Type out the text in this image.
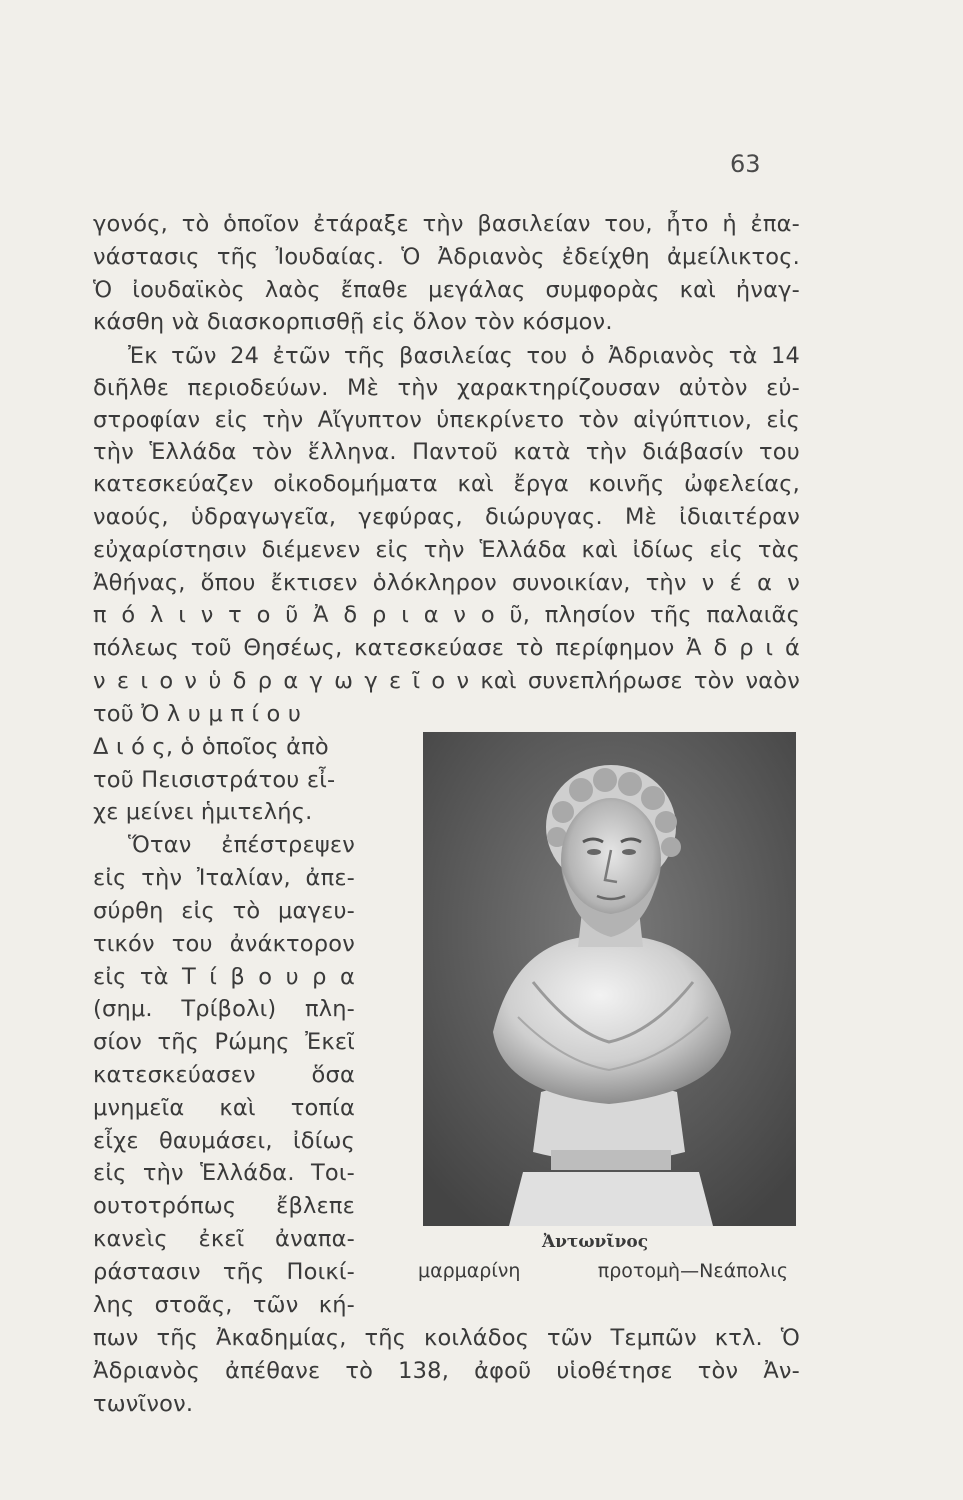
63
γονός, τὸ ὁποῖον ἐτάραξε τὴν βασιλείαν του, ἦτο ἡ ἐπα-
νάστασις τῆς Ἰουδαίας. Ὁ Ἀδριανὸς ἐδείχθη ἀμείλικτος.
Ὁ ἰουδαϊκὸς λαὸς ἔπαθε μεγάλας συμφορὰς καὶ ἠναγ-
κάσθη νὰ διασκορπισθῇ εἰς ὅλον τὸν κόσμον.
Ἐκ τῶν 24 ἐτῶν τῆς βασιλείας του ὁ Ἀδριανὸς τὰ 14
διῆλθε περιοδεύων. Μὲ τὴν χαρακτηρίζουσαν αὐτὸν εὐ-
στροφίαν εἰς τὴν Αἴγυπτον ὑπεκρίνετο τὸν αἰγύπτιον, εἰς
τὴν Ἑλλάδα τὸν ἕλληνα. Παντοῦ κατὰ τὴν διάβασίν του
κατεσκεύαζεν οἰκοδομήματα καὶ ἔργα κοινῆς ὠφελείας,
ναούς, ὑδραγωγεῖα, γεφύρας, διώρυγας. Μὲ ἰδιαιτέραν
εὐχαρίστησιν διέμενεν εἰς τὴν Ἑλλάδα καὶ ἰδίως εἰς τὰς
Ἀθήνας, ὅπου ἔκτισεν ὁλόκληρον συνοικίαν, τὴν ν έ α ν
π ό λ ι ν τ ο ῦ Ἀ δ ρ ι α ν ο ῦ, πλησίον τῆς παλαιᾶς
πόλεως τοῦ Θησέως, κατεσκεύασε τὸ περίφημον Ἀ δ ρ ι ά
ν ε ι ο ν ὑ δ ρ α γ ω γ ε ῖ ο ν καὶ συνεπλήρωσε τὸν ναὸν
τοῦ Ὀ λ υ μ π ί ο υ
Δ ι ό ς, ὁ ὁποῖος ἀπὸ
τοῦ Πεισιστράτου εἶ-
χε μείνει ἡμιτελής.
Ὅταν ἐπέστρεψεν
εἰς τὴν Ἰταλίαν, ἀπε-
σύρθη εἰς τὸ μαγευ-
τικόν του ἀνάκτορον
εἰς τὰ Τ ί β ο υ ρ α
(σημ. Τρίβολι) πλη-
σίον τῆς Ρώμης Ἐκεῖ
κατεσκεύασεν ὅσα
μνημεῖα καὶ τοπία
εἶχε θαυμάσει, ἰδίως
εἰς τὴν Ἑλλάδα. Τοι-
ουτοτρόπως ἔβλεπε
κανεὶς ἐκεῖ ἀναπα-
ράστασιν τῆς Ποικί-
λης στοᾶς, τῶν κή-
Ἀντωνῖνος
μαρμαρίνη προτομὴ—Νεάπολις
πων τῆς Ἀκαδημίας, τῆς κοιλάδος τῶν Τεμπῶν κτλ. Ὁ
Ἀδριανὸς ἀπέθανε τὸ 138, ἀφοῦ υἱοθέτησε τὸν Ἀν-
τωνῖνον.
